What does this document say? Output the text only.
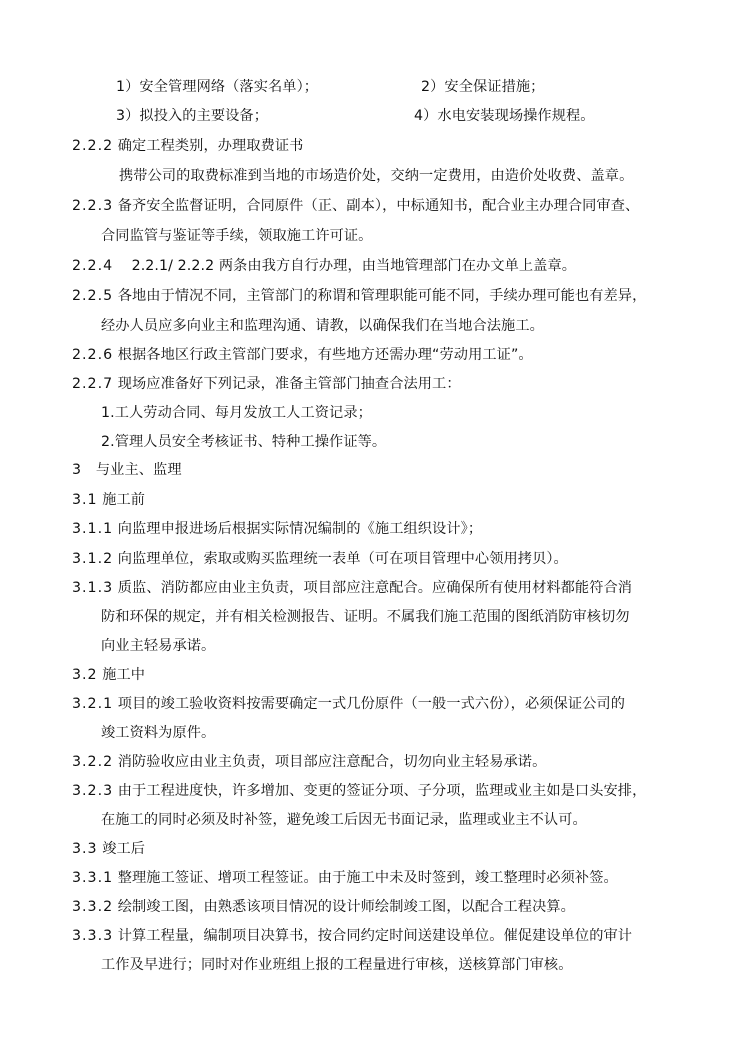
1）安全管理网络（落实名单）；	2）安全保证措施；
3）拟投入的主要设备；	4）水电安装现场操作规程。
2.2.2 确定工程类别，办理取费证书
携带公司的取费标准到当地的市场造价处，交纳一定费用，由造价处收费、盖章。
2.2.3 备齐安全监督证明，合同原件（正、副本），中标通知书，配合业主办理合同审查、
合同监管与鉴证等手续，领取施工许可证。
2.2.4 2.2.1/ 2.2.2 两条由我方自行办理，由当地管理部门在办文单上盖章。
2.2.5 各地由于情况不同，主管部门的称谓和管理职能可能不同，手续办理可能也有差异，
经办人员应多向业主和监理沟通、请教，以确保我们在当地合法施工。
2.2.6 根据各地区行政主管部门要求，有些地方还需办理“劳动用工证”。
2.2.7 现场应准备好下列记录，准备主管部门抽查合法用工：
1.工人劳动合同、每月发放工人工资记录；
2.管理人员安全考核证书、特种工操作证等。
3 与业主、监理
3.1 施工前
3.1.1 向监理申报进场后根据实际情况编制的《施工组织设计》；
3.1.2 向监理单位，索取或购买监理统一表单（可在项目管理中心领用拷贝）。
3.1.3 质监、消防都应由业主负责，项目部应注意配合。应确保所有使用材料都能符合消
防和环保的规定，并有相关检测报告、证明。不属我们施工范围的图纸消防审核切勿
向业主轻易承诺。
3.2 施工中
3.2.1 项目的竣工验收资料按需要确定一式几份原件（一般一式六份），必须保证公司的
竣工资料为原件。
3.2.2 消防验收应由业主负责，项目部应注意配合，切勿向业主轻易承诺。
3.2.3 由于工程进度快，许多增加、变更的签证分项、子分项，监理或业主如是口头安排，
在施工的同时必须及时补签，避免竣工后因无书面记录，监理或业主不认可。
3.3 竣工后
3.3.1 整理施工签证、增项工程签证。由于施工中未及时签到，竣工整理时必须补签。
3.3.2 绘制竣工图，由熟悉该项目情况的设计师绘制竣工图，以配合工程决算。
3.3.3 计算工程量，编制项目决算书，按合同约定时间送建设单位。催促建设单位的审计
工作及早进行；同时对作业班组上报的工程量进行审核，送核算部门审核。
